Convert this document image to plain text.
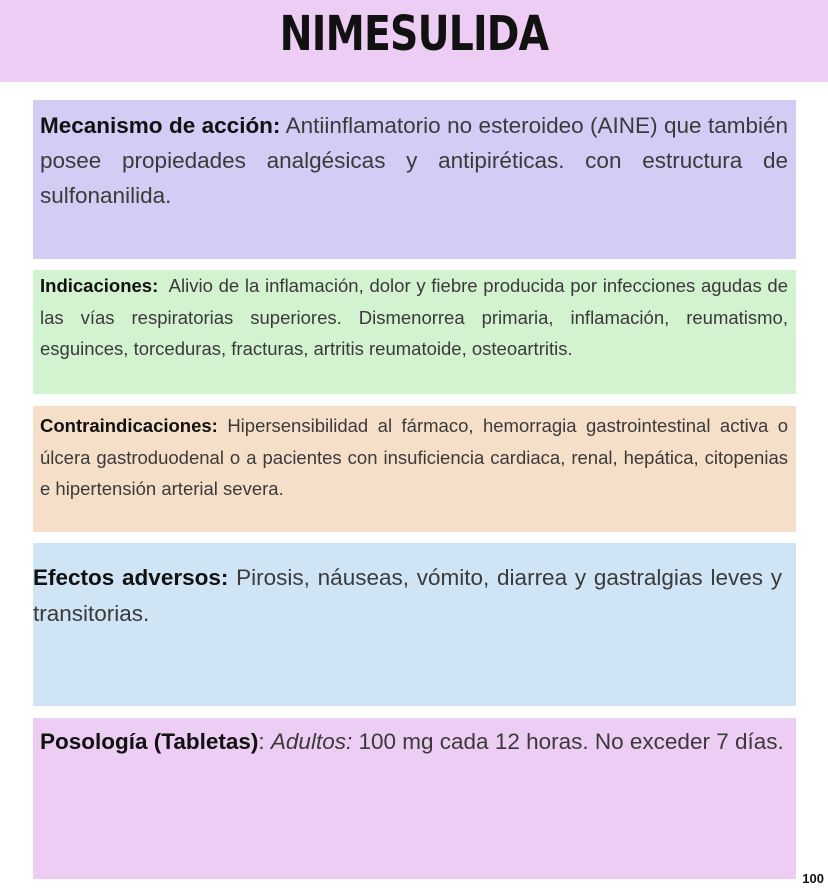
NIMESULIDA
Mecanismo de acción: Antiinflamatorio no esteroideo (AINE) que también posee propiedades analgésicas y antipiréticas. con estructura de sulfonanilida.
Indicaciones: Alivio de la inflamación, dolor y fiebre producida por infecciones agudas de las vías respiratorias superiores. Dismenorrea primaria, inflamación, reumatismo, esguinces, torceduras, fracturas, artritis reumatoide, osteoartritis.
Contraindicaciones: Hipersensibilidad al fármaco, hemorragia gastrointestinal activa o úlcera gastroduodenal o a pacientes con insuficiencia cardiaca, renal, hepática, citopenias e hipertensión arterial severa.
Efectos adversos: Pirosis, náuseas, vómito, diarrea y gastralgias leves y transitorias.
Posología (Tabletas): Adultos: 100 mg cada 12 horas. No exceder 7 días.
100
